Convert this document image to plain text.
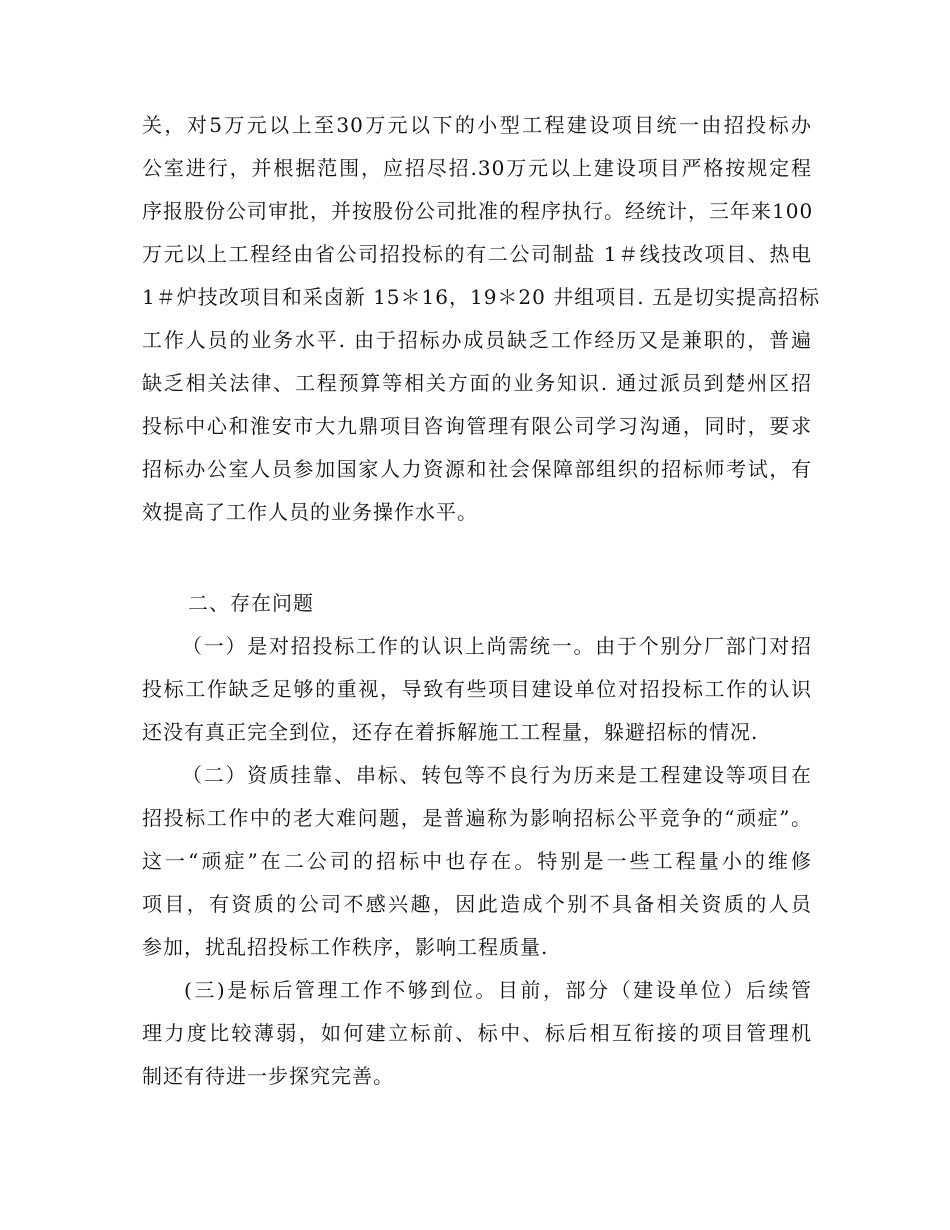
关，对5万元以上至30万元以下的小型工程建设项目统一由招投标办
公室进行，并根据范围，应招尽招.30万元以上建设项目严格按规定程
序报股份公司审批，并按股份公司批准的程序执行。经统计，三年来100
万元以上工程经由省公司招投标的有二公司制盐 1＃线技改项目、热电
1＃炉技改项目和采卤新 15＊16，19＊20 井组项目. 五是切实提高招标
工作人员的业务水平. 由于招标办成员缺乏工作经历又是兼职的，普遍
缺乏相关法律、工程预算等相关方面的业务知识. 通过派员到楚州区招
投标中心和淮安市大九鼎项目咨询管理有限公司学习沟通，同时，要求
招标办公室人员参加国家人力资源和社会保障部组织的招标师考试，有
效提高了工作人员的业务操作水平。
二、存在问题
（一）是对招投标工作的认识上尚需统一。由于个别分厂部门对招
投标工作缺乏足够的重视，导致有些项目建设单位对招投标工作的认识
还没有真正完全到位，还存在着拆解施工工程量，躲避招标的情况.
（二）资质挂靠、串标、转包等不良行为历来是工程建设等项目在
招投标工作中的老大难问题，是普遍称为影响招标公平竞争的“顽症”。
这一“顽症”在二公司的招标中也存在。特别是一些工程量小的维修
项目，有资质的公司不感兴趣，因此造成个别不具备相关资质的人员
参加，扰乱招投标工作秩序，影响工程质量.
(三)是标后管理工作不够到位。目前，部分（建设单位）后续管
理力度比较薄弱，如何建立标前、标中、标后相互衔接的项目管理机
制还有待进一步探究完善。
